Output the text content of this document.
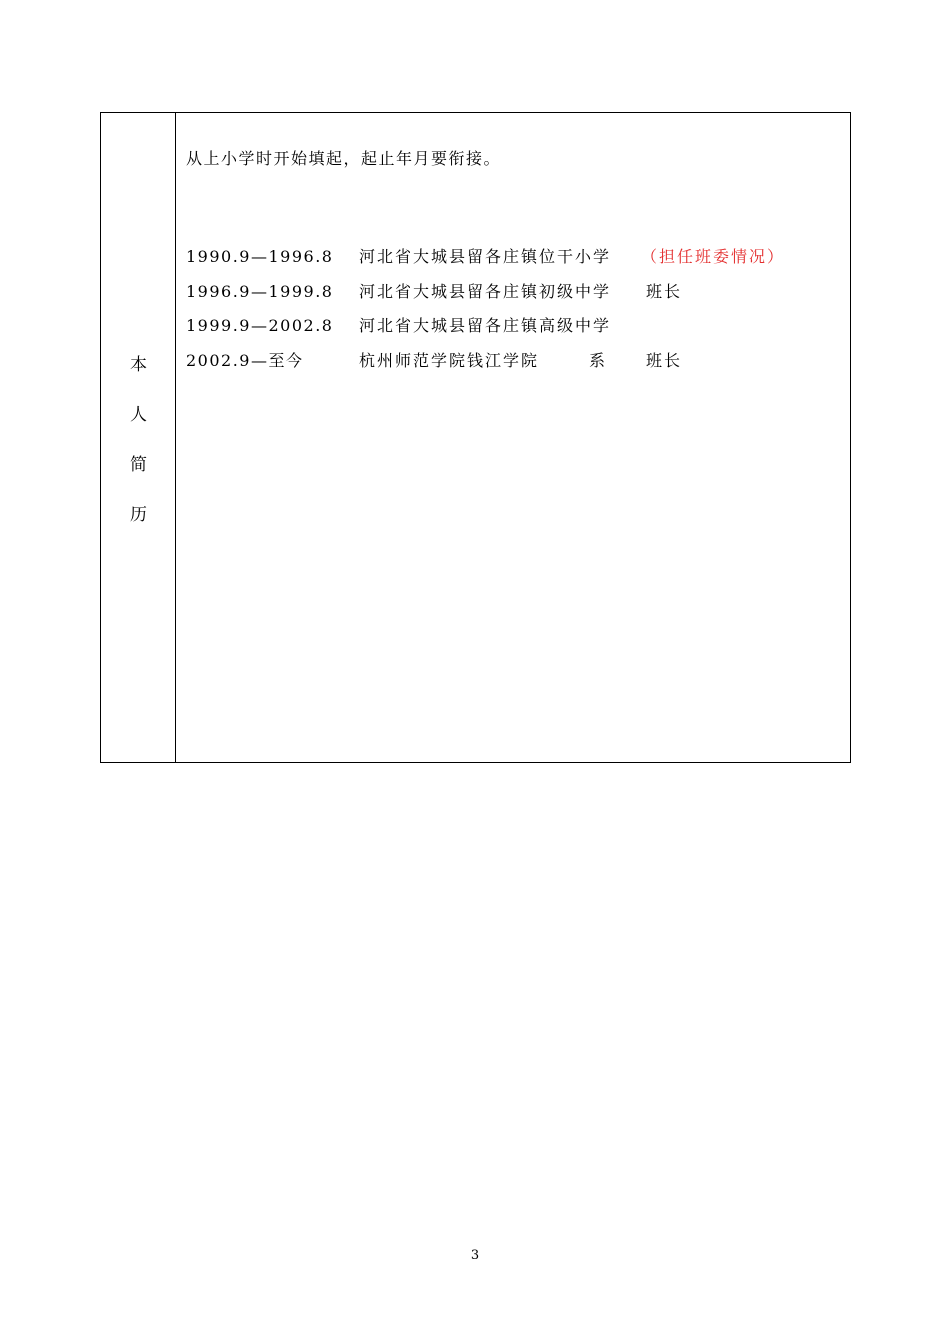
本
人
简
历
从上小学时开始填起，起止年月要衔接。
1990.9—1996.8 河北省大城县留各庄镇位干小学 （担任班委情况）
1996.9—1999.8 河北省大城县留各庄镇初级中学 班长
1999.9—2002.8 河北省大城县留各庄镇高级中学
2002.9—至今	杭州师范学院钱江学院	系	班长
3
